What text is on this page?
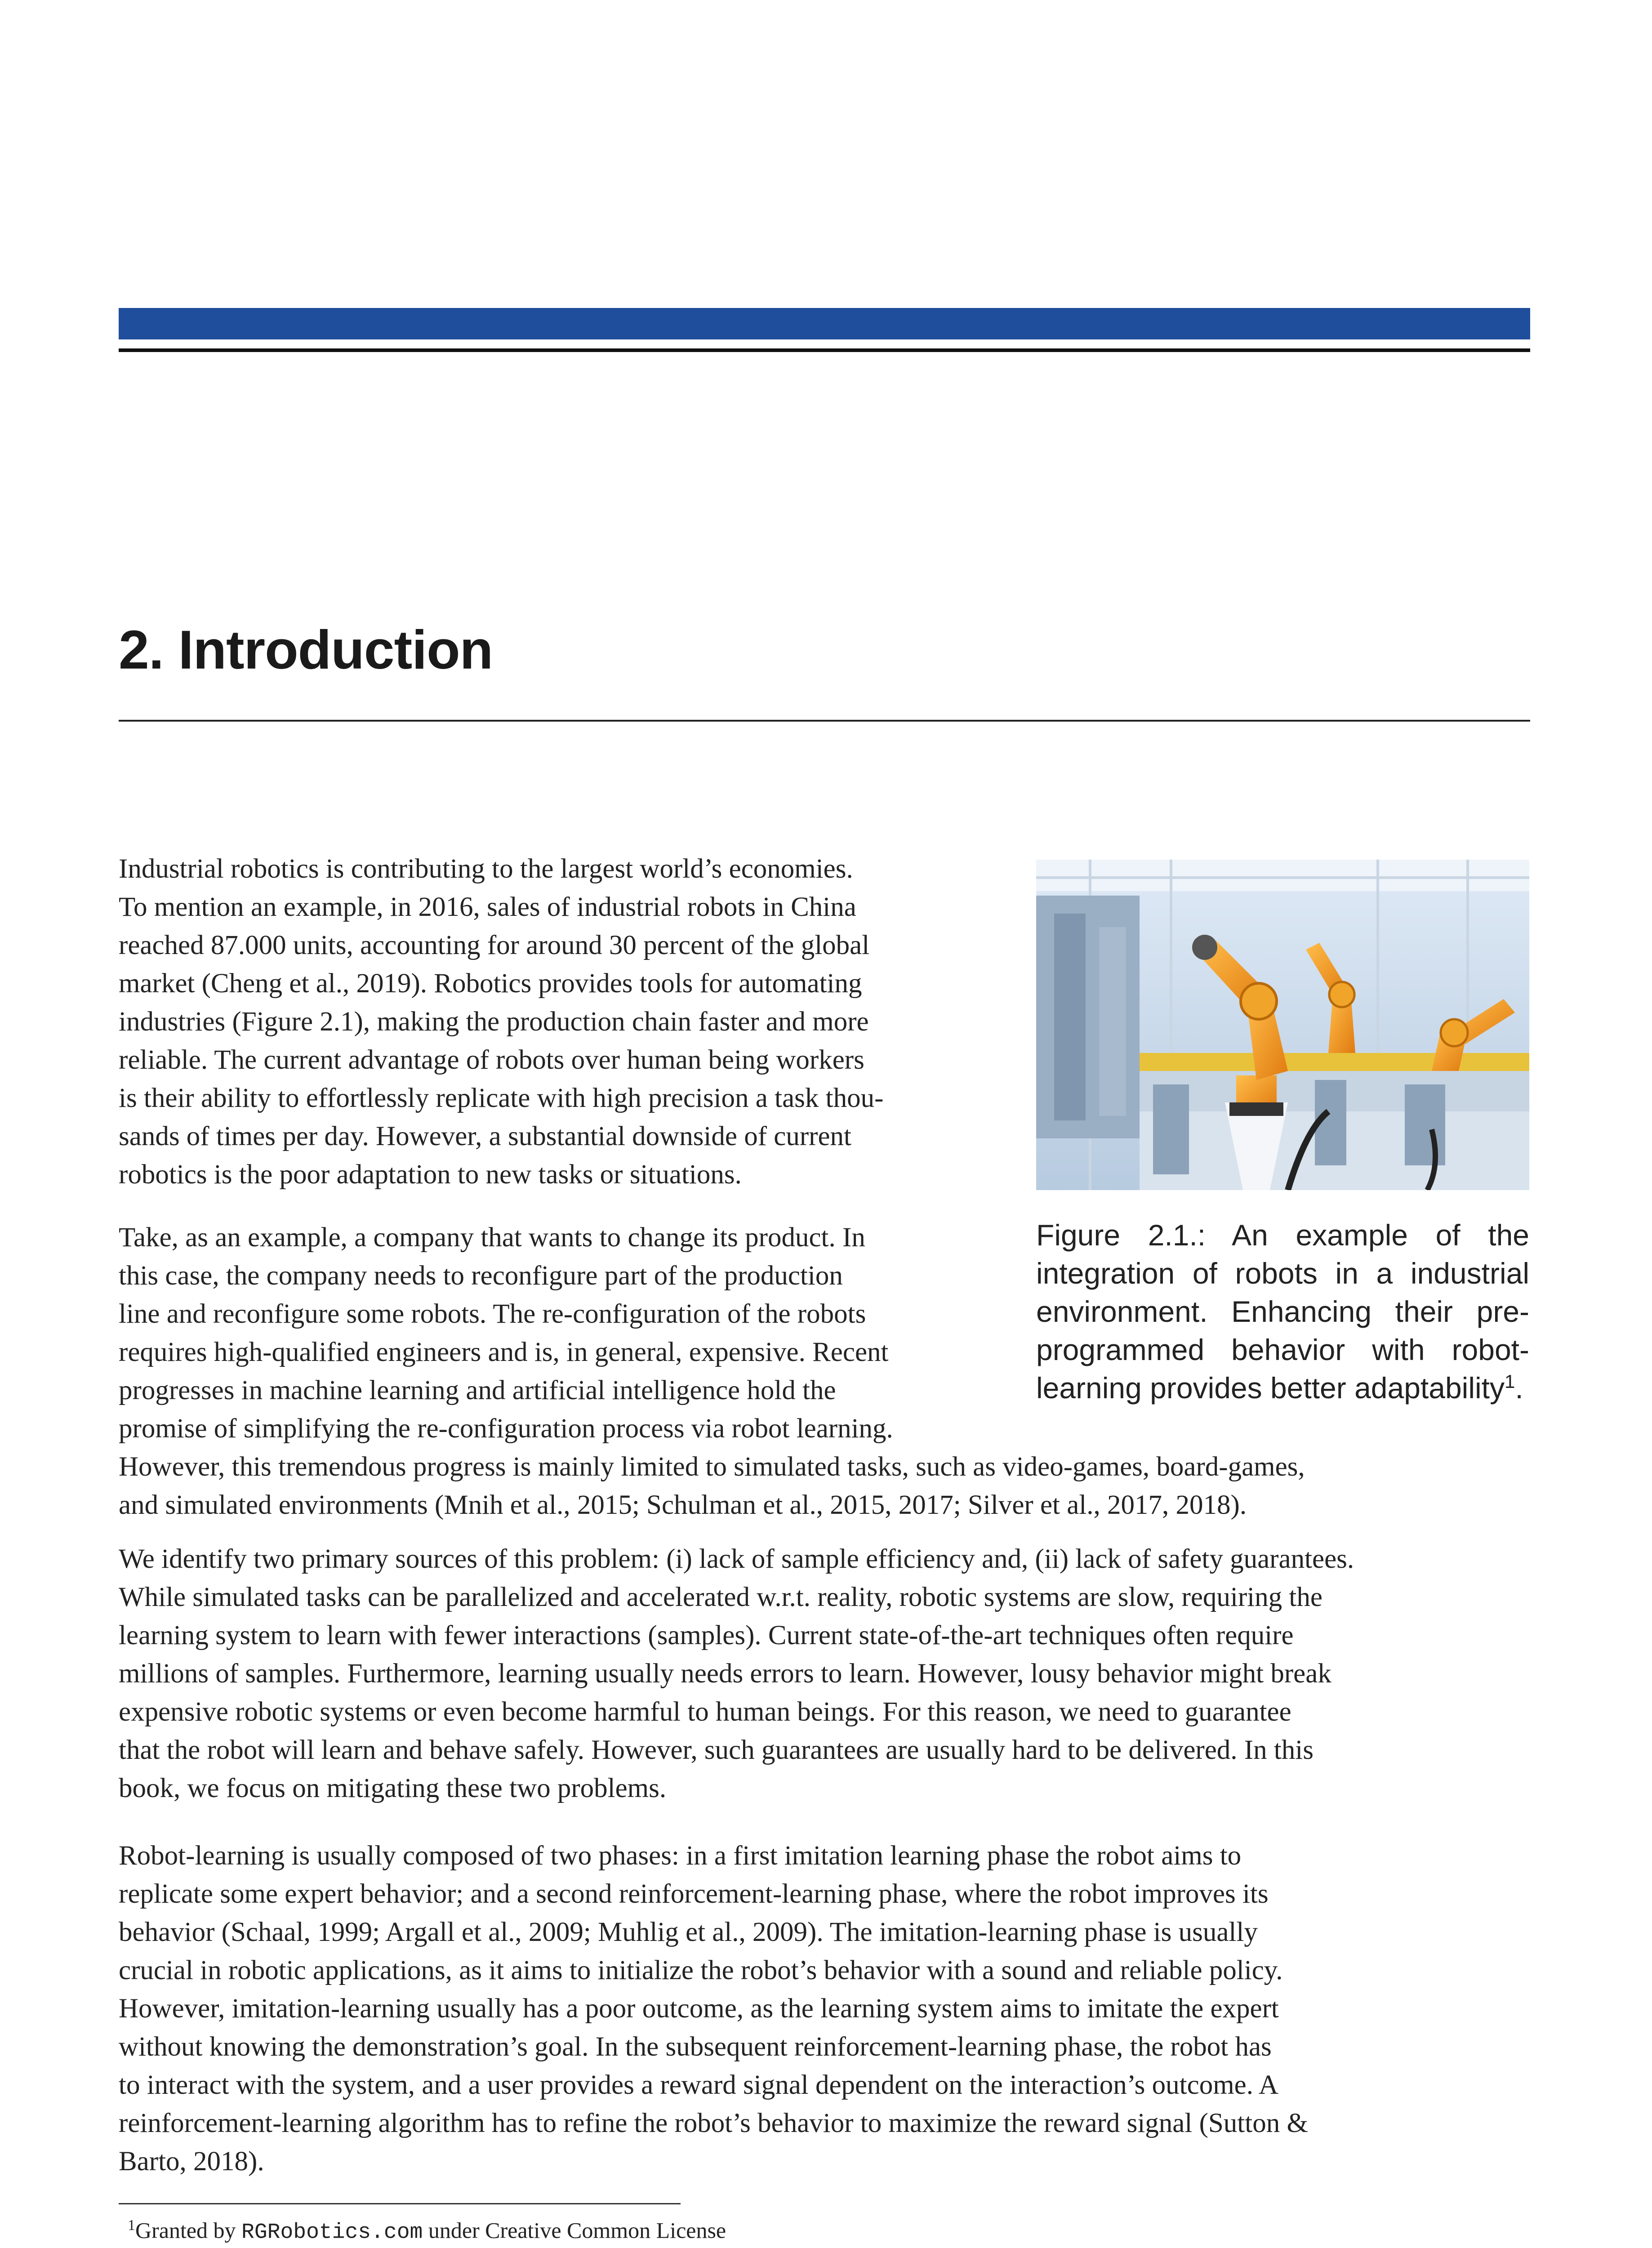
2. Introduction
Industrial robotics is contributing to the largest world’s economies.
To mention an example, in 2016, sales of industrial robots in China
reached 87.000 units, accounting for around 30 percent of the global
market (Cheng et al., 2019). Robotics provides tools for automating
industries (Figure 2.1), making the production chain faster and more
reliable. The current advantage of robots over human being workers
is their ability to effortlessly replicate with high precision a task thou-
sands of times per day. However, a substantial downside of current
robotics is the poor adaptation to new tasks or situations.
Figure 2.1.: An example of the integration of robots in a industrial environment. Enhancing their pre-programmed behavior with robot-learning provides better adaptability$^1$.
Take, as an example, a company that wants to change its product. In
this case, the company needs to reconfigure part of the production
line and reconfigure some robots. The re-configuration of the robots
requires high-qualified engineers and is, in general, expensive. Recent
progresses in machine learning and artificial intelligence hold the
promise of simplifying the re-configuration process via robot learning.
However, this tremendous progress is mainly limited to simulated tasks, such as video-games, board-games,
and simulated environments (Mnih et al., 2015; Schulman et al., 2015, 2017; Silver et al., 2017, 2018).
We identify two primary sources of this problem: (i) lack of sample efficiency and, (ii) lack of safety guarantees.
While simulated tasks can be parallelized and accelerated w.r.t. reality, robotic systems are slow, requiring the
learning system to learn with fewer interactions (samples). Current state-of-the-art techniques often require
millions of samples. Furthermore, learning usually needs errors to learn. However, lousy behavior might break
expensive robotic systems or even become harmful to human beings. For this reason, we need to guarantee
that the robot will learn and behave safely. However, such guarantees are usually hard to be delivered. In this
book, we focus on mitigating these two problems.
Robot-learning is usually composed of two phases: in a first imitation learning phase the robot aims to
replicate some expert behavior; and a second reinforcement-learning phase, where the robot improves its
behavior (Schaal, 1999; Argall et al., 2009; Muhlig et al., 2009). The imitation-learning phase is usually
crucial in robotic applications, as it aims to initialize the robot’s behavior with a sound and reliable policy.
However, imitation-learning usually has a poor outcome, as the learning system aims to imitate the expert
without knowing the demonstration’s goal. In the subsequent reinforcement-learning phase, the robot has
to interact with the system, and a user provides a reward signal dependent on the interaction’s outcome. A
reinforcement-learning algorithm has to refine the robot’s behavior to maximize the reward signal (Sutton &
Barto, 2018).
$^1$Granted by RGRobotics.com under Creative Common License
